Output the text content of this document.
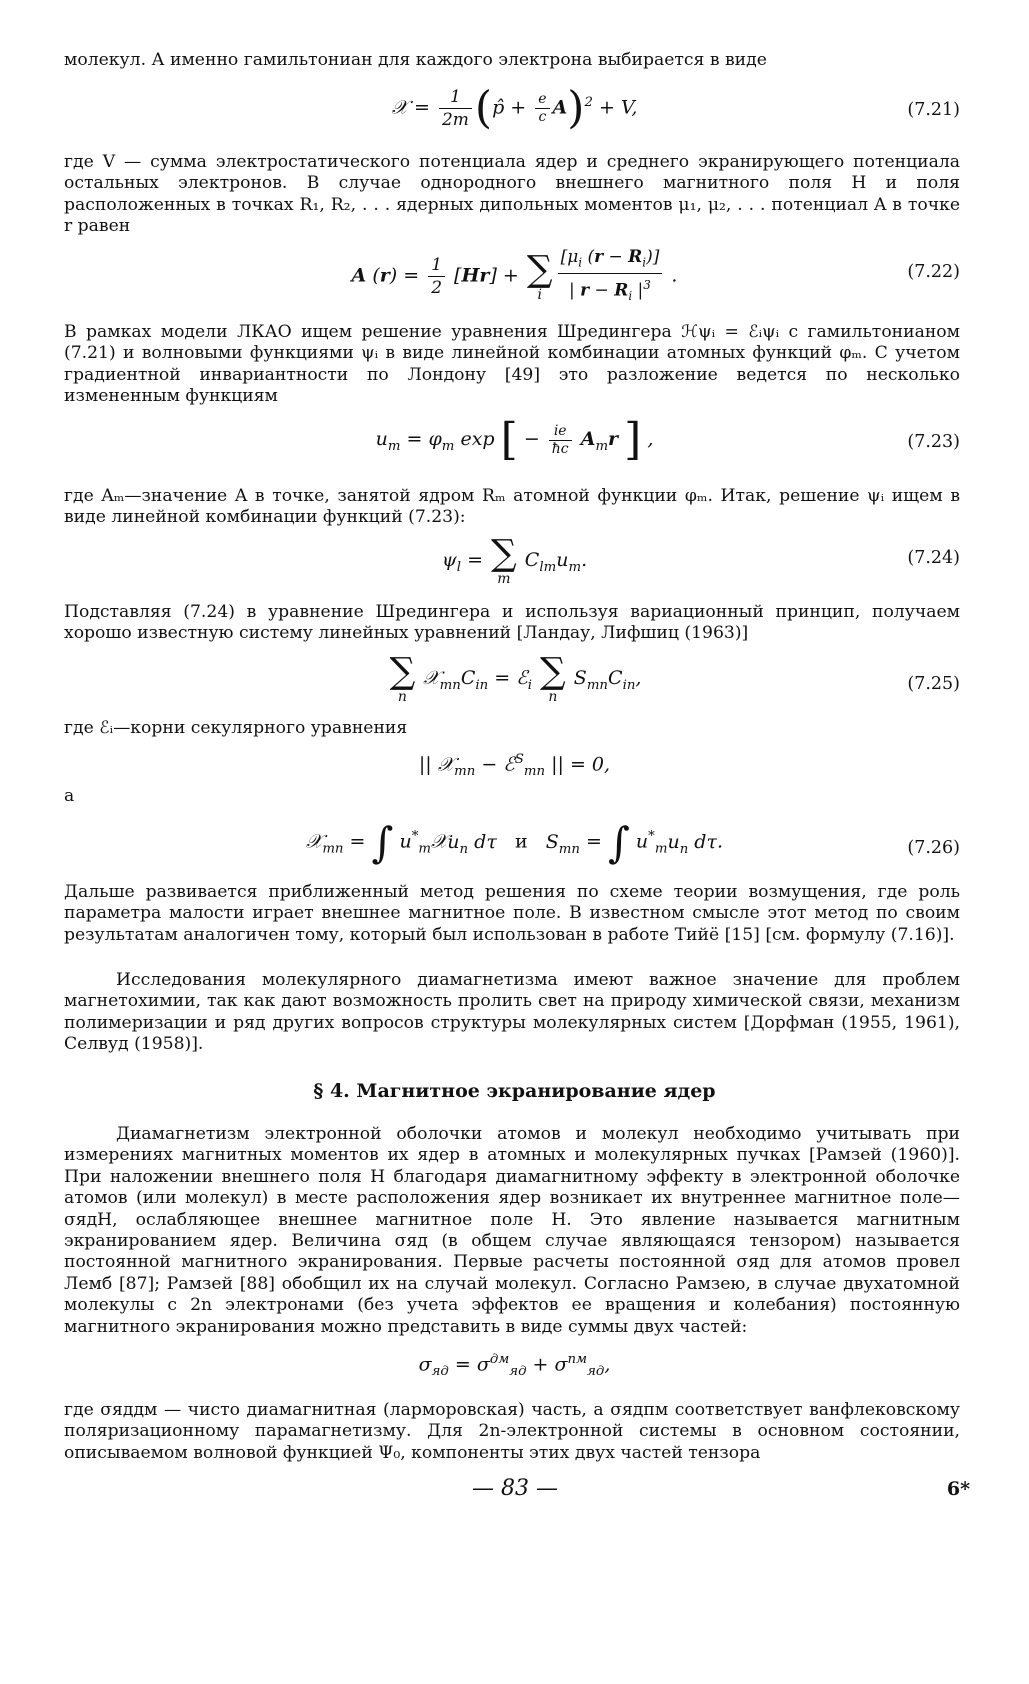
молекул. А именно гамильтониан для каждого электрона выбирается в виде
𝒳 = $\frac{1}{2m}$ (p̂ + $\frac{e}{c} A)^2 + V$,	(7.21)
где V — сумма электростатического потенциала ядер и среднего экранирующего потенциала остальных электронов. В случае однородного внешнего магнитного поля H и поля расположенных в точках R₁, R₂, . . . ядерных дипольных моментов μ₁, μ₂, . . . потенциал A в точке r равен
A $(r) = \frac{1}{2} [Hr]$ + ∑
i $\frac{[\mu_i (r - R_i)]}{| r - R_i |^3}$ .	(7.22)
В рамках модели ЛКАО ищем решение уравнения Шредингера ℋψᵢ = ℰᵢψᵢ с гамильтонианом (7.21) и волновыми функциями ψᵢ в виде линейной комбинации атомных функций φₘ. С учетом градиентной инвариантности по Лондону [49] это разложение ведется по несколько измененным функциям
$u_m = \varphi_m$ exp [ − $\frac{ie}{ħc} A_mr$ ] ,	(7.23)
где Aₘ—значение A в точке, занятой ядром Rₘ атомной функции φₘ. Итак, решение ψᵢ ищем в виде линейной комбинации функций (7.23):
$\psi_l$ = ∑
m
$C_{lm}u_m$.	(7.24)
Подставляя (7.24) в уравнение Шредингера и используя вариационный принцип, получаем хорошо известную систему линейных уравнений [Ландау, Лифшиц (1963)]
∑
n
$𝒳_{mn}C_{in}$ = ℰ$_i$ ∑
n
$S_{mn}C_{in}$,	(7.25)
где ℰᵢ—корни секулярного уравнения
|| 𝒳$_{mn}$ − ℰ$^S_{mn}$ || = 0,
а
𝒳$_{mn}$ = ∫ $u^*_m𝒳u_n$ dτ и $S_{mn}$ = ∫ $u^*_mu_n$ dτ.	(7.26)
Дальше развивается приближенный метод решения по схеме теории возмущения, где роль параметра малости играет внешнее магнитное поле. В известном смысле этот метод по своим результатам аналогичен тому, который был использован в работе Тийё [15] [см. формулу (7.16)].
Исследования молекулярного диамагнетизма имеют важное значение для проблем магнетохимии, так как дают возможность пролить свет на природу химической связи, механизм полимеризации и ряд других вопросов структуры молекулярных систем [Дорфман (1955, 1961), Селвуд (1958)].
§ 4. Магнитное экранирование ядер
Диамагнетизм электронной оболочки атомов и молекул необходимо учитывать при измерениях магнитных моментов их ядер в атомных и молекулярных пучках [Рамзей (1960)]. При наложении внешнего поля H благодаря диамагнитному эффекту в электронной оболочке атомов (или молекул) в месте расположения ядер возникает их внутреннее магнитное поле—σядH, ослабляющее внешнее магнитное поле H. Это явление называется магнитным экранированием ядер. Величина σяд (в общем случае являющаяся тензором) называется постоянной магнитного экранирования. Первые расчеты постоянной σяд для атомов провел Лемб [87]; Рамзей [88] обобщил их на случай молекул. Согласно Рамзею, в случае двухатомной молекулы с 2n электронами (без учета эффектов ее вращения и колебания) постоянную магнитного экранирования можно представить в виде суммы двух частей:
$\sigma_{яд} = \sigma^{дм}_{яд} + \sigma^{пм}_{яд}$,
где σяддм — чисто диамагнитная (ларморовская) часть, а σядпм соответствует ванфлековскому поляризационному парамагнетизму. Для 2n-электронной системы в основном состоянии, описываемом волновой функцией Ψ₀, компоненты этих двух частей тензора
— 83 —	6*
